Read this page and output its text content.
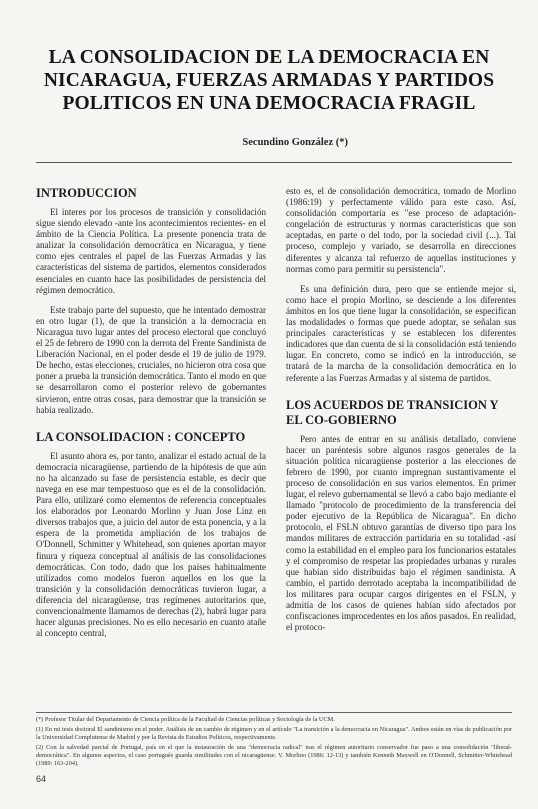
LA CONSOLIDACION DE LA DEMOCRACIA EN NICARAGUA, FUERZAS ARMADAS Y PARTIDOS POLITICOS EN UNA DEMOCRACIA FRAGIL
Secundino González (*)
INTRODUCCION

El interes por los procesos de transición y consolidación sigue siendo elevado -ante los acontecimientos recientes- en el ámbito de la Ciencia Política. La presente ponencia trata de analizar la consolidación democrática en Nicaragua, y tiene como ejes centrales el papel de las Fuerzas Armadas y las características del sistema de partidos, elementos considerados esenciales en cuanto hace las posibilidades de persistencia del régimen democrático.

Este trabajo parte del supuesto, que he intentado demostrar en otro lugar (1), de que la transición a la democracia en Nicaragua tuvo lugar antes del proceso electoral que concluyó el 25 de febrero de 1990 con la derrota del Frente Sandinista de Liberación Nacional, en el poder desde el 19 de julio de 1979. De hecho, estas elecciones, cruciales, no hicieron otra cosa que poner a prueba la transición democrática. Tanto el modo en que se desarrollaron como el posterior relevo de gobernantes sirvieron, entre otras cosas, para demostrar que la transición se había realizado.

LA CONSOLIDACION : CONCEPTO

El asunto ahora es, por tanto, analizar el estado actual de la democracia nicaragüense, partiendo de la hipótesis de que aún no ha alcanzado su fase de persistencia estable, es decir que navega en ese mar tempestuoso que es el de la consolidación. Para ello, utilizaré como elementos de referencia conceptuales los elaborados por Leonardo Morlino y Juan Jose Linz en diversos trabajos que, a juicio del autor de esta ponencia, y a la espera de la prometida ampliación de los trabajos de O'Donnell, Schmitter y Whitehead, son quienes aportan mayor finura y riqueza conceptual al análisis de las consolidaciones democráticas. Con todo, dado que los países habitualmente utilizados como modelos fueron aquellos en los que la transición y la consolidación democráticas tuvieron lugar, a diferencia del nicaragüense, tras regímenes autoritarios que, convencionalmente llamamos de derechas (2), habrá lugar para hacer algunas precisiones. No es ello necesario en cuanto atañe al concepto central,

esto es, el de consolidación democrática, tomado de Morlino (1986:19) y perfectamente válido para este caso. Así, consolidación comportaría es "ese proceso de adaptación-congelación de estructuras y normas características que son aceptadas, en parte o del todo, por la sociedad civil (...). Tal proceso, complejo y variado, se desarrolla en direcciones diferentes y alcanza tal refuerzo de aquellas instituciones y normas como para permitir su persistencia".

Es una definición dura, pero que se entiende mejor si, como hace el propio Morlino, se desciende a los diferentes ámbitos en los que tiene lugar la consolidación, se especifican las modalidades o formas que puede adoptar, se señalan sus principales características y se establecen los diferentes indicadores que dan cuenta de si la consolidación está teniendo lugar. En concreto, como se indicó en la introducción, se tratará de la marcha de la consolidación democrática en lo referente a las Fuerzas Armadas y al sistema de partidos.

LOS ACUERDOS DE TRANSICION Y EL CO-GOBIERNO

Pero antes de entrar en su análisis detallado, conviene hacer un paréntesis sobre algunos rasgos generales de la situación política nicaragüense posterior a las elecciones de febrero de 1990, por cuanto impregnan sustantivamente el proceso de consolidación en sus varios elementos. En primer lugar, el relevo gubernamental se llevó a cabo bajo mediante el llamado "protocolo de procedimiento de la transferencia del poder ejecutivo de la República de Nicaragua". En dicho protocolo, el FSLN obtuvo garantías de diverso tipo para los mandos militares de extracción partidaria en su totalidad -así como la estabilidad en el empleo para los funcionarios estatales y el compromiso de respetar las propiedades urbanas y rurales que habían sido distribuidas bajo el régimen sandinista. A cambio, el partido derrotado aceptaba la incompatibilidad de los militares para ocupar cargos dirigentes en el FSLN, y admitía de los casos de quienes habían sido afectados por confiscaciones improcedentes en los años pasados. En realidad, el protoco-

(*) Profesor Titular del Departamento de Ciencia política de la Facultad de Ciencias políticas y Sociología de la UCM.
(1) En mi tesis doctoral El sandinismo en el poder. Análisis de un cambio de régimen y en el artículo "La transición a la democracia en Nicaragua". Ambos están en vías de publicación por la Universidad Complutense de Madrid y por la Revista de Estudios Políticos, respectivamente.
(2) Con la salvedad parcial de Portugal, país en el que la instauración de una "democracia radical" tras el régimen autoritario conservador fue paso a una consolidación "liberal-democrática". En algunos aspectos, el caso portugués guarda similitudes con el nicaragüense. V. Morlino (1986: 12-13) y también Kenneth Maxwell en O'Donnell, Schmitter-Whitehead (1989: 163-204).
64
